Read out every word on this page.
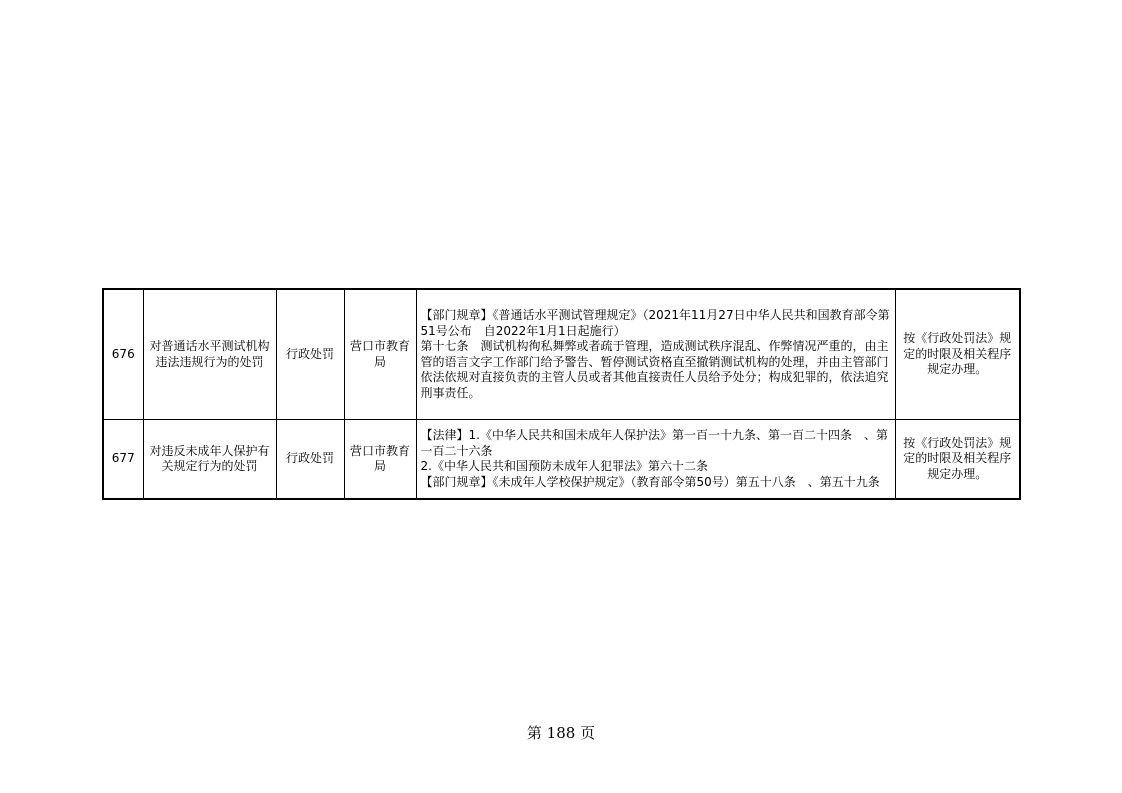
676	对普通话水平测试机构违法违规行为的处罚	行政处罚	营口市教育局	【部门规章】《普通话水平测试管理规定》（2021年11月27日中华人民共和国教育部令第51号公布　自2022年1月1日起施行）
第十七条　测试机构徇私舞弊或者疏于管理，造成测试秩序混乱、作弊情况严重的，由主管的语言文字工作部门给予警告、暂停测试资格直至撤销测试机构的处理，并由主管部门依法依规对直接负责的主管人员或者其他直接责任人员给予处分；构成犯罪的，依法追究刑事责任。	按《行政处罚法》规定的时限及相关程序规定办理。
677	对违反未成年人保护有关规定行为的处罚	行政处罚	营口市教育局	【法律】1.《中华人民共和国未成年人保护法》第一百一十九条、第一百二十四条　、第一百二十六条
2.《中华人民共和国预防未成年人犯罪法》第六十二条
【部门规章】《未成年人学校保护规定》（教育部令第50号）第五十八条　、第五十九条	按《行政处罚法》规定的时限及相关程序规定办理。
第 188 页
